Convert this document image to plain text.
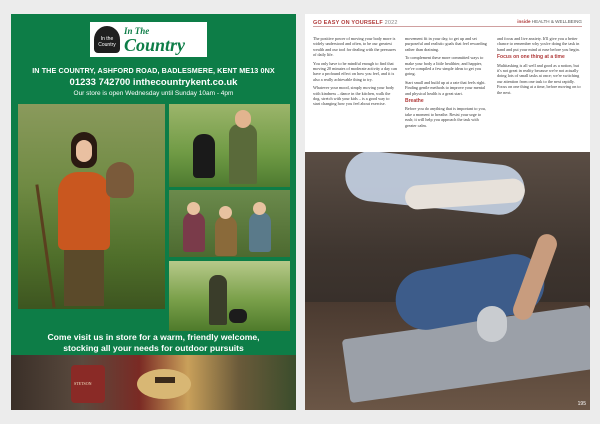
In the Country
In The
Country
IN THE COUNTRY, ASHFORD ROAD, BADLESMERE, KENT ME13 0NX
01233 742700 inthecountrykent.co.uk
Our store is open Wednesday until Sunday 10am - 4pm
Come visit us in store for a warm, friendly welcome,
stocking all your needs for outdoor pursuits
STETSON
GO EASY ON YOURSELF 2022	inside HEALTH & WELLBEING

The positive power of moving your body more is widely understood and often, to be our greatest wealth and our tool for dealing with the pressures of daily life.

You only have to be mindful enough to find that moving 20 minutes of moderate activity a day can have a profound effect on how you feel, and it is also a really achievable thing to try.

Whatever your mood, simply moving your body with kindness – dance in the kitchen, walk the dog, stretch with your kids – is a good way to start changing how you feel about exercise.

movement fit in your day, to get up and set purposeful and realistic goals that feel rewarding rather than draining.

To complement these more committed ways to make your body a little healthier, and happier, we've compiled a few simple ideas to get you going.

Start small and build up at a rate that feels right. Finding gentle methods to improve your mental and physical health is a great start.

Breathe

Before you do anything that is important to you, take a moment to breathe. Resist your urge to rush; it will help you approach the task with greater calm.

and focus and live anxiety. It'll give you a better chance to remember why you're doing the task in hand and put your mind at ease before you begin.

Focus on one thing at a time

Multitasking is all well and good as a notion, but it's not great in reality because we're not actually doing lots of small tasks at once; we're switching our attention from one task to the next rapidly. Focus on one thing at a time, before moving on to the next.

195
